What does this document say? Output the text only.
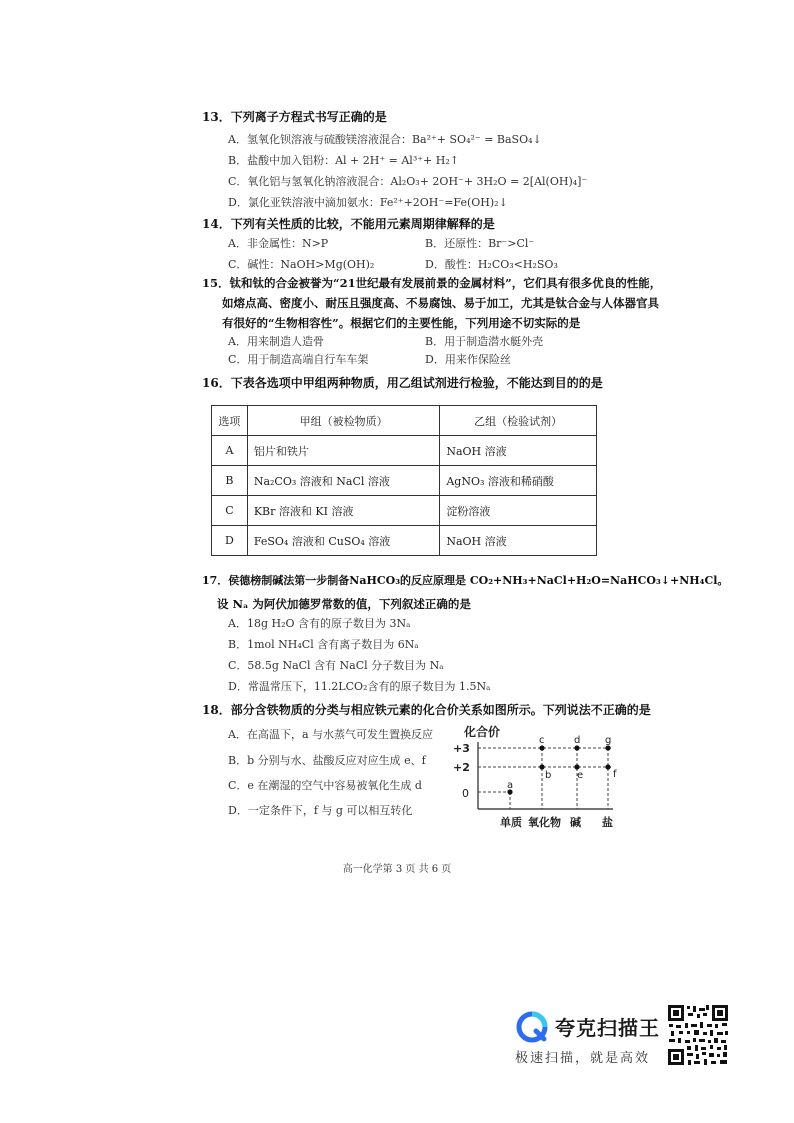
13．下列离子方程式书写正确的是
A．氢氧化钡溶液与硫酸镁溶液混合：Ba²⁺+ SO₄²⁻ = BaSO₄↓
B．盐酸中加入铝粉：Al + 2H⁺ = Al³⁺+ H₂↑
C．氧化铝与氢氧化钠溶液混合：Al₂O₃+ 2OH⁻+ 3H₂O = 2[Al(OH)₄]⁻
D．氯化亚铁溶液中滴加氨水：Fe²⁺+2OH⁻=Fe(OH)₂↓
14．下列有关性质的比较，不能用元素周期律解释的是
A．非金属性：N>P	B．还原性：Br⁻>Cl⁻
C．碱性：NaOH>Mg(OH)₂	D．酸性：H₂CO₃<H₂SO₃
15．钛和钛的合金被誉为“21世纪最有发展前景的金属材料”，它们具有很多优良的性能，
如熔点高、密度小、耐压且强度高、不易腐蚀、易于加工，尤其是钛合金与人体器官具
有很好的“生物相容性”。根据它们的主要性能，下列用途不切实际的是
A．用来制造人造骨	B．用于制造潜水艇外壳
C．用于制造高端自行车车架	D．用来作保险丝
16．下表各选项中甲组两种物质，用乙组试剂进行检验，不能达到目的的是
选项	甲组（被检物质）	乙组（检验试剂）
A	铝片和铁片	NaOH 溶液
B	Na₂CO₃ 溶液和 NaCl 溶液	AgNO₃ 溶液和稀硝酸
C	KBr 溶液和 KI 溶液	淀粉溶液
D	FeSO₄ 溶液和 CuSO₄ 溶液	NaOH 溶液
17．侯德榜制碱法第一步制备NaHCO₃的反应原理是 CO₂+NH₃+NaCl+H₂O=NaHCO₃↓+NH₄Cl。
设 Nₐ 为阿伏加德罗常数的值，下列叙述正确的是
A．18g H₂O 含有的原子数目为 3Nₐ
B．1mol NH₄Cl 含有离子数目为 6Nₐ
C．58.5g NaCl 含有 NaCl 分子数目为 Nₐ
D．常温常压下，11.2LCO₂含有的原子数目为 1.5Nₐ
18．部分含铁物质的分类与相应铁元素的化合价关系如图所示。下列说法不正确的是
A．在高温下，a 与水蒸气可发生置换反应
B．b 分别与水、盐酸反应对应生成 e、f
C．e 在潮湿的空气中容易被氧化生成 d
D．一定条件下，f 与 g 可以相互转化
化合价
+3
+2
0
a
b
c	d
e	f
g
单质 氧化物 碱 盐
高一化学第 3 页 共 6 页
夸克扫描王
极速扫描，就是高效
